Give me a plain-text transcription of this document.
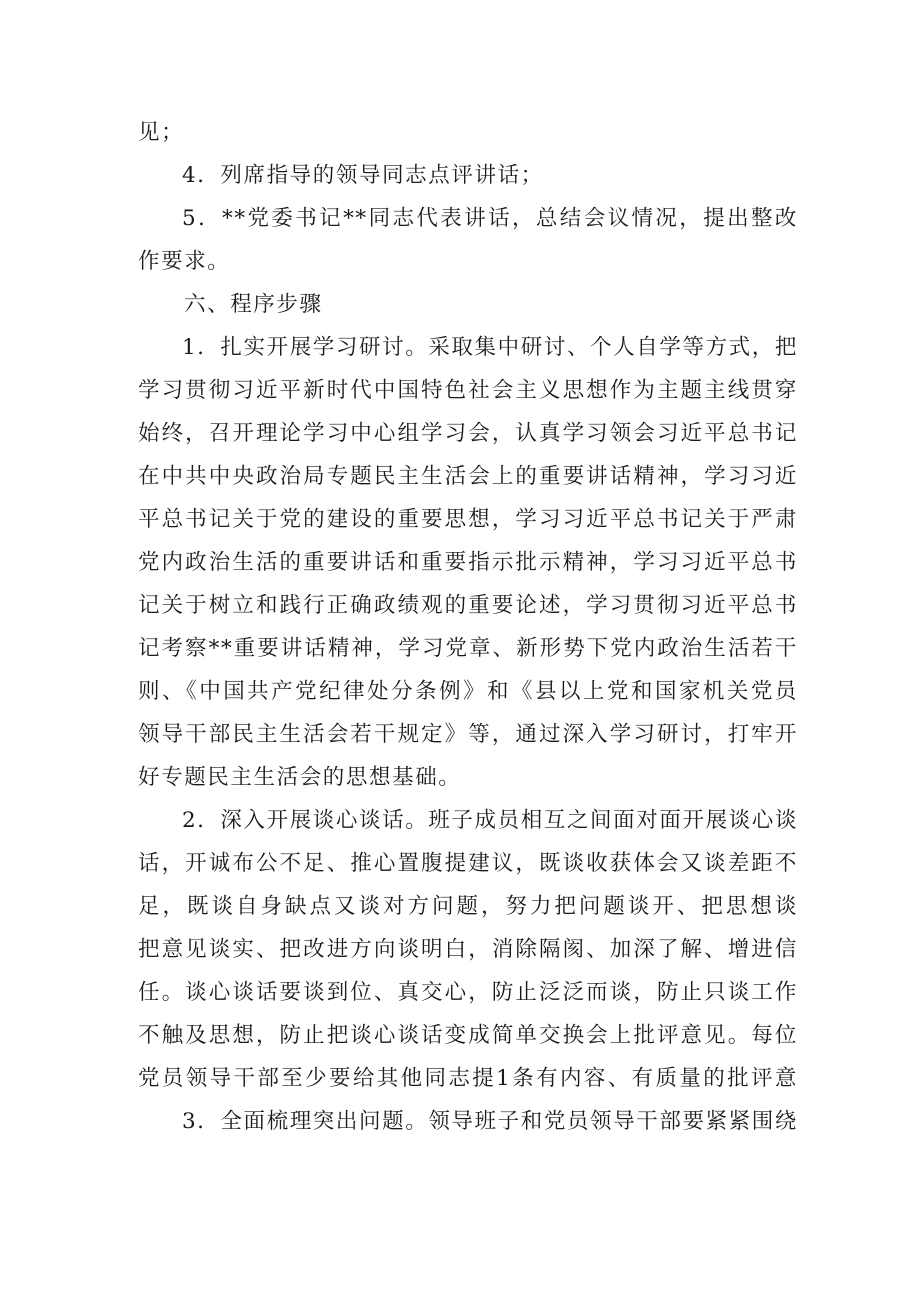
见；
4．列席指导的领导同志点评讲话；
5．**党委书记**同志代表讲话，总结会议情况，提出整改
作要求。
六、程序步骤
1．扎实开展学习研讨。采取集中研讨、个人自学等方式，把
学习贯彻习近平新时代中国特色社会主义思想作为主题主线贯穿
始终，召开理论学习中心组学习会，认真学习领会习近平总书记
在中共中央政治局专题民主生活会上的重要讲话精神，学习习近
平总书记关于党的建设的重要思想，学习习近平总书记关于严肃
党内政治生活的重要讲话和重要指示批示精神，学习习近平总书
记关于树立和践行正确政绩观的重要论述，学习贯彻习近平总书
记考察**重要讲话精神，学习党章、新形势下党内政治生活若干
则、《中国共产党纪律处分条例》和《县以上党和国家机关党员
领导干部民主生活会若干规定》等，通过深入学习研讨，打牢开
好专题民主生活会的思想基础。
2．深入开展谈心谈话。班子成员相互之间面对面开展谈心谈
话，开诚布公不足、推心置腹提建议，既谈收获体会又谈差距不
足，既谈自身缺点又谈对方问题，努力把问题谈开、把思想谈
把意见谈实、把改进方向谈明白，消除隔阂、加深了解、增进信
任。谈心谈话要谈到位、真交心，防止泛泛而谈，防止只谈工作
不触及思想，防止把谈心谈话变成简单交换会上批评意见。每位
党员领导干部至少要给其他同志提1条有内容、有质量的批评意
3．全面梳理突出问题。领导班子和党员领导干部要紧紧围绕
